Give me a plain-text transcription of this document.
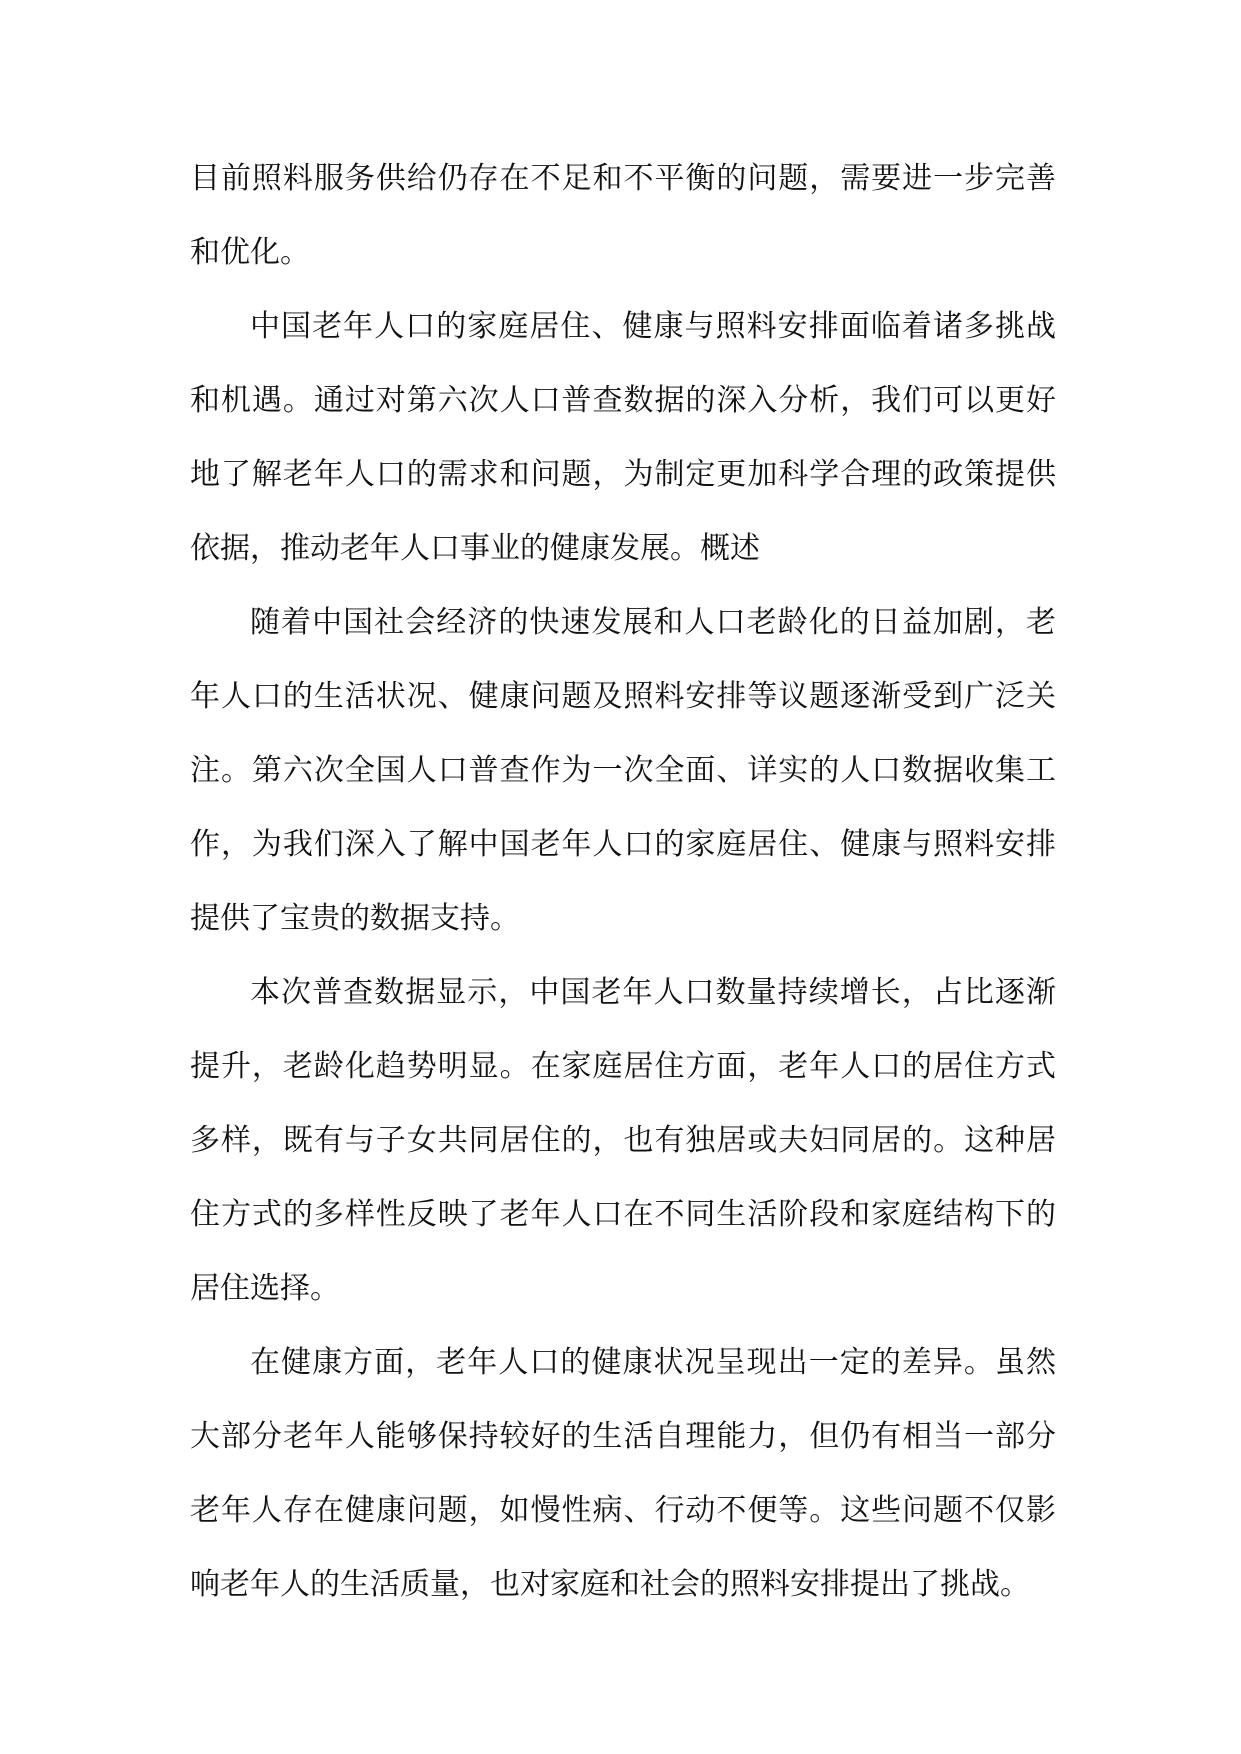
目前照料服务供给仍存在不足和不平衡的问题，需要进一步完善和优化。

中国老年人口的家庭居住、健康与照料安排面临着诸多挑战和机遇。通过对第六次人口普查数据的深入分析，我们可以更好地了解老年人口的需求和问题，为制定更加科学合理的政策提供依据，推动老年人口事业的健康发展。概述

随着中国社会经济的快速发展和人口老龄化的日益加剧，老年人口的生活状况、健康问题及照料安排等议题逐渐受到广泛关注。第六次全国人口普查作为一次全面、详实的人口数据收集工作，为我们深入了解中国老年人口的家庭居住、健康与照料安排提供了宝贵的数据支持。

本次普查数据显示，中国老年人口数量持续增长，占比逐渐提升，老龄化趋势明显。在家庭居住方面，老年人口的居住方式多样，既有与子女共同居住的，也有独居或夫妇同居的。这种居住方式的多样性反映了老年人口在不同生活阶段和家庭结构下的居住选择。

在健康方面，老年人口的健康状况呈现出一定的差异。虽然大部分老年人能够保持较好的生活自理能力，但仍有相当一部分老年人存在健康问题，如慢性病、行动不便等。这些问题不仅影响老年人的生活质量，也对家庭和社会的照料安排提出了挑战。
